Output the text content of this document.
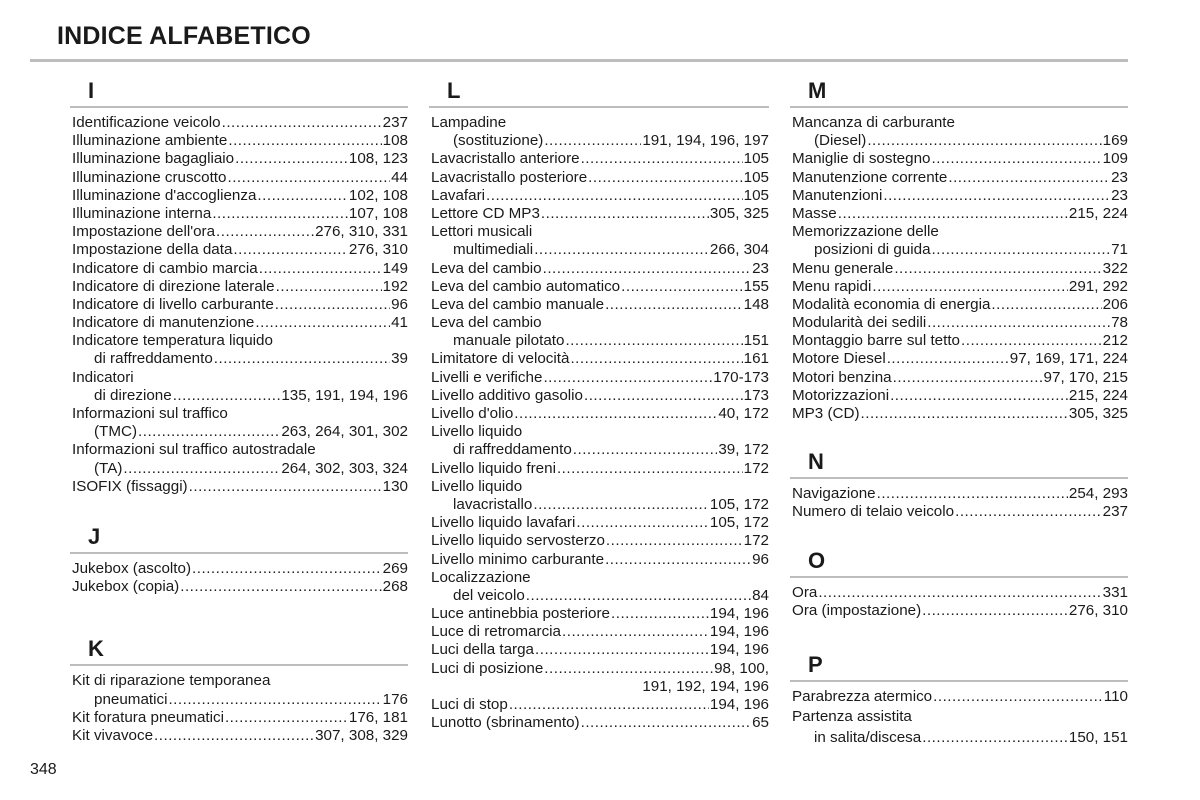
INDICE ALFABETICO
I
Identificazione veicolo .....	237
Illuminazione ambiente .....	108
Illuminazione bagagliaio .....	108, 123
Illuminazione cruscotto .....	44
Illuminazione d'accoglienza .....	102, 108
Illuminazione interna .....	107, 108
Impostazione dell'ora .....	276, 310, 331
Impostazione della data .....	276, 310
Indicatore di cambio marcia .....	149
Indicatore di direzione laterale .....	192
Indicatore di livello carburante .....	96
Indicatore di manutenzione .....	41
Indicatore temperatura liquido
di raffreddamento .....	39
Indicatori
di direzione .....	135, 191, 194, 196
Informazioni sul traffico
(TMC) .....	263, 264, 301, 302
Informazioni sul traffico autostradale
(TA) .....	264, 302, 303, 324
ISOFIX (fissaggi) .....	130
J
Jukebox (ascolto) .....	269
Jukebox (copia) .....	268
K
Kit di riparazione temporanea
pneumatici .....	176
Kit foratura pneumatici .....	176, 181
Kit vivavoce .....	307, 308, 329
L
Lampadine
(sostituzione) .....	191, 194, 196, 197
Lavacristallo anteriore .....	105
Lavacristallo posteriore .....	105
Lavafari .....	105
Lettore CD MP3 .....	305, 325
Lettori musicali
multimediali .....	266, 304
Leva del cambio .....	23
Leva del cambio automatico .....	155
Leva del cambio manuale .....	148
Leva del cambio
manuale pilotato .....	151
Limitatore di velocità .....	161
Livelli e verifiche .....	170-173
Livello additivo gasolio .....	173
Livello d'olio .....	40, 172
Livello liquido
di raffreddamento .....	39, 172
Livello liquido freni .....	172
Livello liquido
lavacristallo .....	105, 172
Livello liquido lavafari .....	105, 172
Livello liquido servosterzo .....	172
Livello minimo carburante .....	96
Localizzazione
del veicolo .....	84
Luce antinebbia posteriore .....	194, 196
Luce di retromarcia .....	194, 196
Luci della targa .....	194, 196
Luci di posizione .....	98, 100,
191, 192, 194, 196
Luci di stop .....	194, 196
Lunotto (sbrinamento) .....	65
M
Mancanza di carburante
(Diesel) .....	169
Maniglie di sostegno .....	109
Manutenzione corrente .....	23
Manutenzioni .....	23
Masse .....	215, 224
Memorizzazione delle
posizioni di guida .....	71
Menu generale .....	322
Menu rapidi .....	291, 292
Modalità economia di energia .....	206
Modularità dei sedili .....	78
Montaggio barre sul tetto .....	212
Motore Diesel .....	97, 169, 171, 224
Motori benzina .....	97, 170, 215
Motorizzazioni .....	215, 224
MP3 (CD) .....	305, 325
N
Navigazione .....	254, 293
Numero di telaio veicolo .....	237
O
Ora .....	331
Ora (impostazione) .....	276, 310
P
Parabrezza atermico .....	110
Partenza assistita
in salita/discesa .....	150, 151
348
